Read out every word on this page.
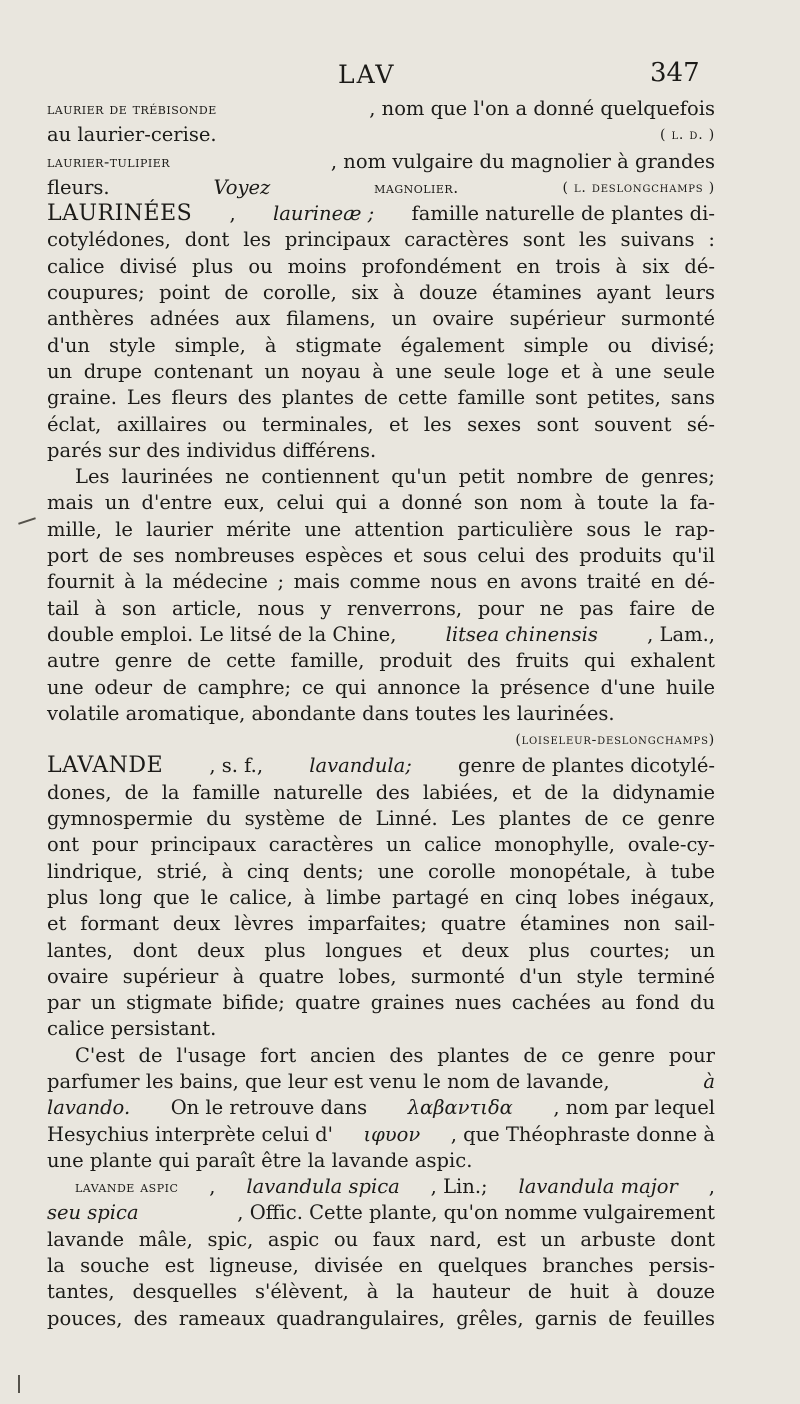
LAV	347
laurier de trébisonde	, nom que l'on a donné quelquefois
au laurier-cerise.	( l. d. )
laurier-tulipier	, nom vulgaire du magnolier à grandes
fleurs.	Voyez	magnolier.	( l. deslongchamps )
LAURINÉES , laurineæ ; famille naturelle de plantes di-
cotylédones, dont les principaux caractères sont les suivans :
calice divisé plus ou moins profondément en trois à six dé-
coupures; point de corolle, six à douze étamines ayant leurs
anthères adnées aux filamens, un ovaire supérieur surmonté
d'un style simple, à stigmate également simple ou divisé;
un drupe contenant un noyau à une seule loge et à une seule
graine. Les fleurs des plantes de cette famille sont petites, sans
éclat, axillaires ou terminales, et les sexes sont souvent sé-
parés sur des individus différens.
Les laurinées ne contiennent qu'un petit nombre de genres;
mais un d'entre eux, celui qui a donné son nom à toute la fa-
mille, le laurier mérite une attention particulière sous le rap-
port de ses nombreuses espèces et sous celui des produits qu'il
fournit à la médecine ; mais comme nous en avons traité en dé-
tail à son article, nous y renverrons, pour ne pas faire de
double emploi. Le litsé de la Chine,	litsea chinensis	, Lam.,
autre genre de cette famille, produit des fruits qui exhalent
une odeur de camphre; ce qui annonce la présence d'une huile
volatile aromatique, abondante dans toutes les laurinées.
(loiseleur-deslongchamps)
LAVANDE , s. f., lavandula; genre de plantes dicotylé-
dones, de la famille naturelle des labiées, et de la didynamie
gymnospermie du système de Linné. Les plantes de ce genre
ont pour principaux caractères un calice monophylle, ovale-cy-
lindrique, strié, à cinq dents; une corolle monopétale, à tube
plus long que le calice, à limbe partagé en cinq lobes inégaux,
et formant deux lèvres imparfaites; quatre étamines non sail-
lantes, dont deux plus longues et deux plus courtes; un
ovaire supérieur à quatre lobes, surmonté d'un style terminé
par un stigmate bifide; quatre graines nues cachées au fond du
calice persistant.
C'est de l'usage fort ancien des plantes de ce genre pour
parfumer les bains, que leur est venu le nom de lavande,	à
lavando. On le retrouve dans λαβαντιδα , nom par lequel
Hesychius interprète celui d' ιφυον , que Théophraste donne à
une plante qui paraît être la lavande aspic.
lavande aspic , lavandula spica , Lin.; lavandula major ,
seu spica	, Offic. Cette plante, qu'on nomme vulgairement
lavande mâle, spic, aspic ou faux nard, est un arbuste dont
la souche est ligneuse, divisée en quelques branches persis-
tantes, desquelles s'élèvent, à la hauteur de huit à douze
pouces, des rameaux quadrangulaires, grêles, garnis de feuilles
